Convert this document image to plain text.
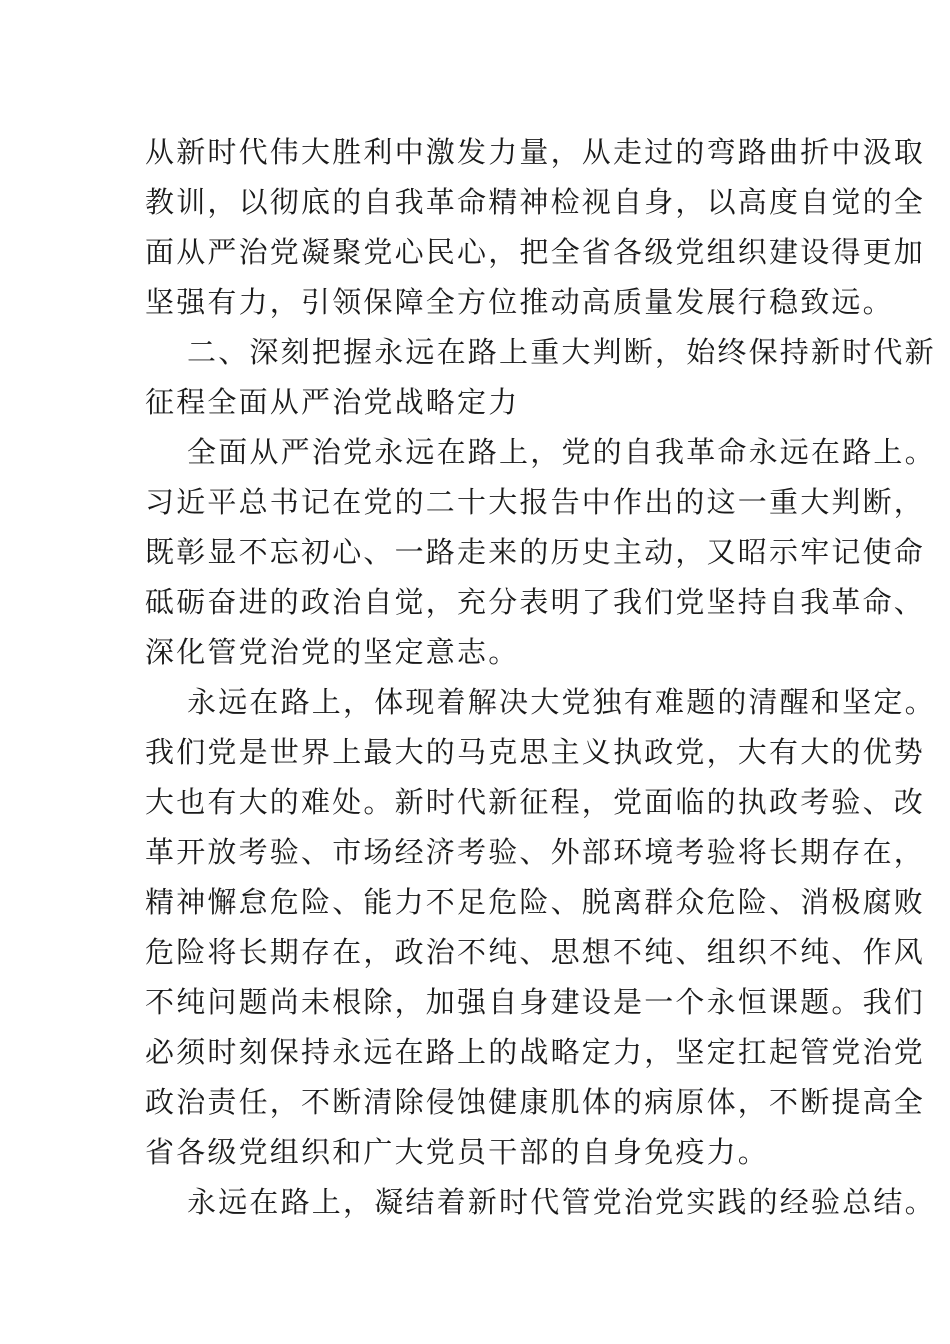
从新时代伟大胜利中激发力量，从走过的弯路曲折中汲取
教训，以彻底的自我革命精神检视自身，以高度自觉的全
面从严治党凝聚党心民心，把全省各级党组织建设得更加
坚强有力，引领保障全方位推动高质量发展行稳致远。
二、深刻把握永远在路上重大判断，始终保持新时代新
征程全面从严治党战略定力
全面从严治党永远在路上，党的自我革命永远在路上。
习近平总书记在党的二十大报告中作出的这一重大判断，
既彰显不忘初心、一路走来的历史主动，又昭示牢记使命
砥砺奋进的政治自觉，充分表明了我们党坚持自我革命、
深化管党治党的坚定意志。
永远在路上，体现着解决大党独有难题的清醒和坚定。
我们党是世界上最大的马克思主义执政党，大有大的优势
大也有大的难处。新时代新征程，党面临的执政考验、改
革开放考验、市场经济考验、外部环境考验将长期存在，
精神懈怠危险、能力不足危险、脱离群众危险、消极腐败
危险将长期存在，政治不纯、思想不纯、组织不纯、作风
不纯问题尚未根除，加强自身建设是一个永恒课题。我们
必须时刻保持永远在路上的战略定力，坚定扛起管党治党
政治责任，不断清除侵蚀健康肌体的病原体，不断提高全
省各级党组织和广大党员干部的自身免疫力。
永远在路上，凝结着新时代管党治党实践的经验总结。
